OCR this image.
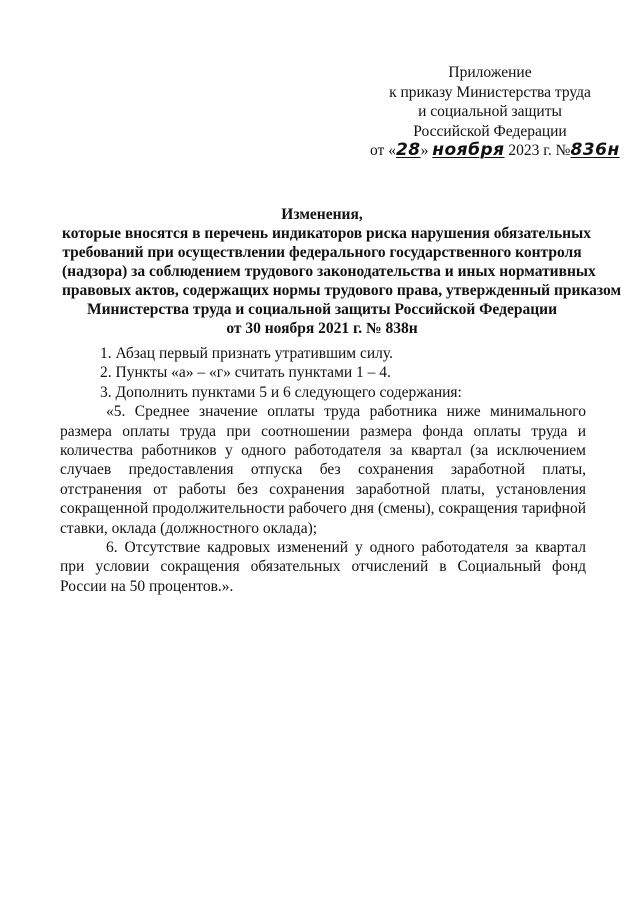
Приложение
к приказу Министерства труда
и социальной защиты
Российской Федерации
от «28» ноября 2023 г. №836н
Изменения,
которые вносятся в перечень индикаторов риска нарушения обязательных
требований при осуществлении федерального государственного контроля
(надзора) за соблюдением трудового законодательства и иных нормативных
правовых актов, содержащих нормы трудового права, утвержденный приказом
Министерства труда и социальной защиты Российской Федерации
от 30 ноября 2021 г. № 838н
1. Абзац первый признать утратившим силу.
2. Пункты «а» – «г» считать пунктами 1 – 4.
3. Дополнить пунктами 5 и 6 следующего содержания:

«5. Среднее значение оплаты труда работника ниже минимального размера оплаты труда при соотношении размера фонда оплаты труда и количества работников у одного работодателя за квартал (за исключением случаев предоставления отпуска без сохранения заработной платы, отстранения от работы без сохранения заработной платы, установления сокращенной продолжительности рабочего дня (смены), сокращения тарифной ставки, оклада (должностного оклада);

6. Отсутствие кадровых изменений у одного работодателя за квартал при условии сокращения обязательных отчислений в Социальный фонд России на 50 процентов.».
